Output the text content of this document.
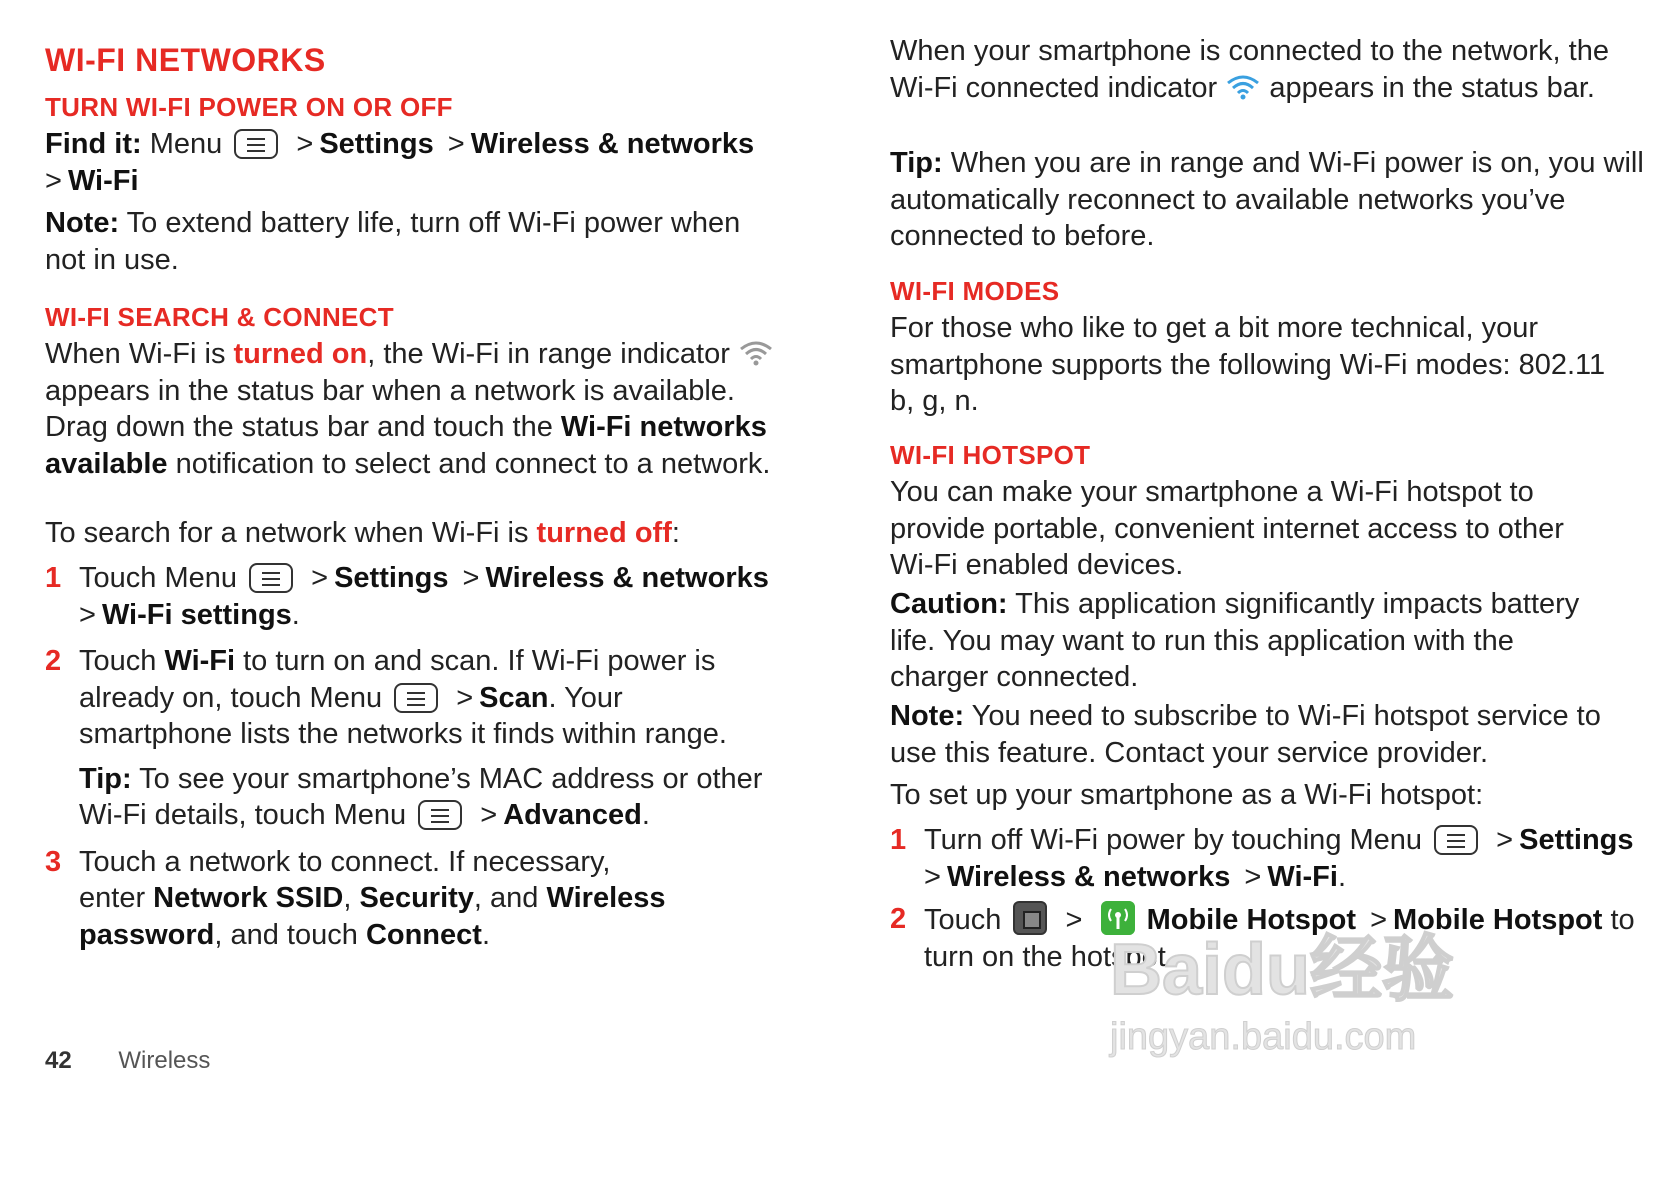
WI-FI NETWORKS
TURN WI-FI POWER ON OR OFF

Find it: Menu	> Settings > Wireless & networks
> Wi-Fi

Note: To extend battery life, turn off Wi-Fi power when not in use.

WI-FI SEARCH & CONNECT

When Wi-Fi is turned on, the Wi-Fi in range indicator  appears in the status bar when a network is available. Drag down the status bar and touch the Wi-Fi networks available notification to select and connect to a network.

To search for a network when Wi-Fi is turned off:

1 Touch Menu	> Settings > Wireless & networks
> Wi-Fi settings.

2 Touch Wi-Fi to turn on and scan. If Wi-Fi power is already on, touch Menu	> Scan. Your smartphone lists the networks it finds within range.

Tip: To see your smartphone’s MAC address or other Wi-Fi details, touch Menu	> Advanced.

3 Touch a network to connect. If necessary, enter Network SSID, Security, and Wireless password, and touch Connect.

When your smartphone is connected to the network, the Wi-Fi connected indicator appears in the status bar.

Tip: When you are in range and Wi-Fi power is on, you will automatically reconnect to available networks you’ve connected to before.

WI-FI MODES

For those who like to get a bit more technical, your smartphone supports the following Wi-Fi modes: 802.11 b, g, n.

WI-FI HOTSPOT

You can make your smartphone a Wi-Fi hotspot to provide portable, convenient internet access to other Wi-Fi enabled devices.

Caution: This application significantly impacts battery life. You may want to run this application with the charger connected.

Note: You need to subscribe to Wi-Fi hotspot service to use this feature. Contact your service provider.

To set up your smartphone as a Wi-Fi hotspot:

1 Turn off Wi-Fi power by touching Menu	> Settings
> Wireless & networks > Wi-Fi.

2 Touch > Mobile Hotspot > Mobile Hotspot to turn on the hotspot.

42 Wireless
Baidu经验
jingyan.baidu.com
